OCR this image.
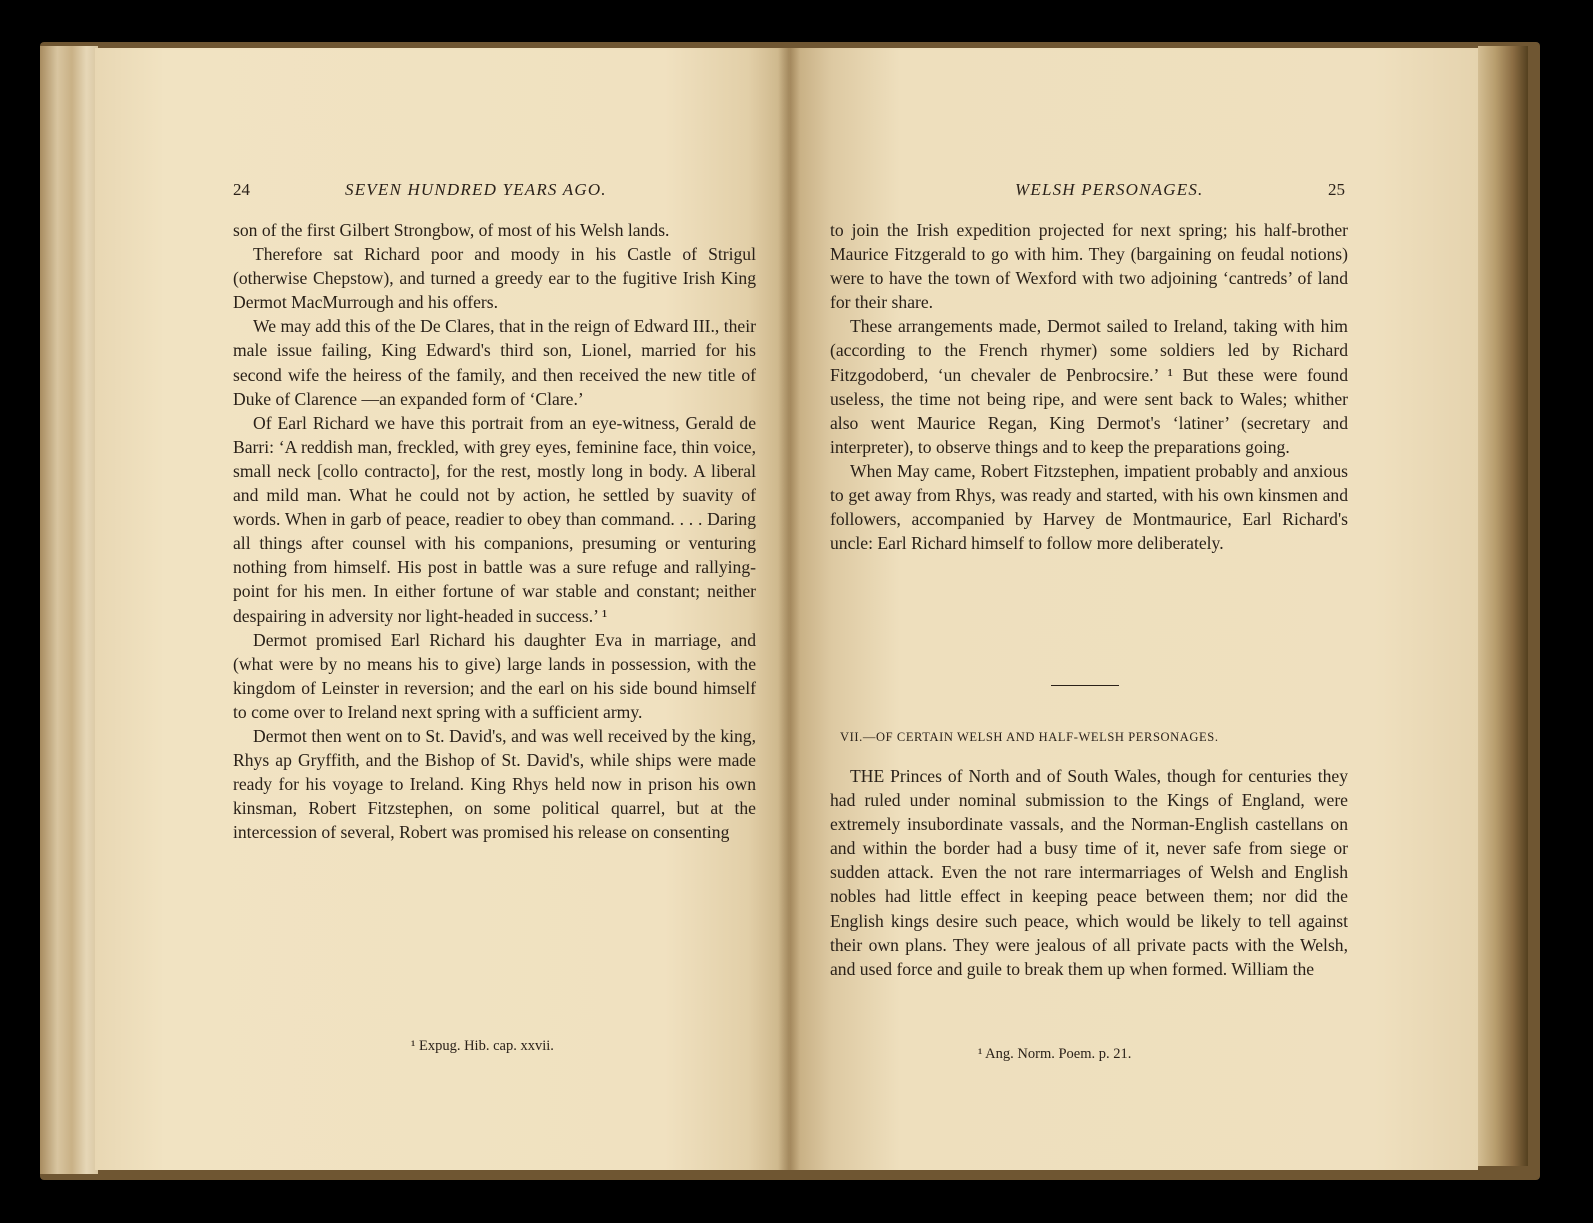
24	SEVEN HUNDRED YEARS AGO.

son of the first Gilbert Strongbow, of most of his Welsh lands.

Therefore sat Richard poor and moody in his Castle of Strigul (otherwise Chepstow), and turned a greedy ear to the fugitive Irish King Dermot MacMurrough and his offers.

We may add this of the De Clares, that in the reign of Edward III., their male issue failing, King Edward's third son, Lionel, married for his second wife the heiress of the family, and then received the new title of Duke of Clarence —an expanded form of ‘Clare.’

Of Earl Richard we have this portrait from an eye-witness, Gerald de Barri: ‘A reddish man, freckled, with grey eyes, feminine face, thin voice, small neck [collo contracto], for the rest, mostly long in body. A liberal and mild man. What he could not by action, he settled by suavity of words. When in garb of peace, readier to obey than command. . . . Daring all things after counsel with his companions, presuming or venturing nothing from himself. His post in battle was a sure refuge and rallying-point for his men. In either fortune of war stable and constant; neither despairing in adversity nor light-headed in success.’ ¹

Dermot promised Earl Richard his daughter Eva in marriage, and (what were by no means his to give) large lands in possession, with the kingdom of Leinster in reversion; and the earl on his side bound himself to come over to Ireland next spring with a sufficient army.

Dermot then went on to St. David's, and was well received by the king, Rhys ap Gryffith, and the Bishop of St. David's, while ships were made ready for his voyage to Ireland. King Rhys held now in prison his own kinsman, Robert Fitzstephen, on some political quarrel, but at the intercession of several, Robert was promised his release on consenting

¹ Expug. Hib. cap. xxvii.
WELSH PERSONAGES.	25

to join the Irish expedition projected for next spring; his half-brother Maurice Fitzgerald to go with him. They (bargaining on feudal notions) were to have the town of Wexford with two adjoining ‘cantreds’ of land for their share.

These arrangements made, Dermot sailed to Ireland, taking with him (according to the French rhymer) some soldiers led by Richard Fitzgodoberd, ‘un chevaler de Penbrocsire.’ ¹ But these were found useless, the time not being ripe, and were sent back to Wales; whither also went Maurice Regan, King Dermot's ‘latiner’ (secretary and interpreter), to observe things and to keep the preparations going.

When May came, Robert Fitzstephen, impatient probably and anxious to get away from Rhys, was ready and started, with his own kinsmen and followers, accompanied by Harvey de Montmaurice, Earl Richard's uncle: Earl Richard himself to follow more deliberately.

VII.—OF CERTAIN WELSH AND HALF-WELSH PERSONAGES.

THE Princes of North and of South Wales, though for centuries they had ruled under nominal submission to the Kings of England, were extremely insubordinate vassals, and the Norman-English castellans on and within the border had a busy time of it, never safe from siege or sudden attack. Even the not rare intermarriages of Welsh and English nobles had little effect in keeping peace between them; nor did the English kings desire such peace, which would be likely to tell against their own plans. They were jealous of all private pacts with the Welsh, and used force and guile to break them up when formed. William the

¹ Ang. Norm. Poem. p. 21.
